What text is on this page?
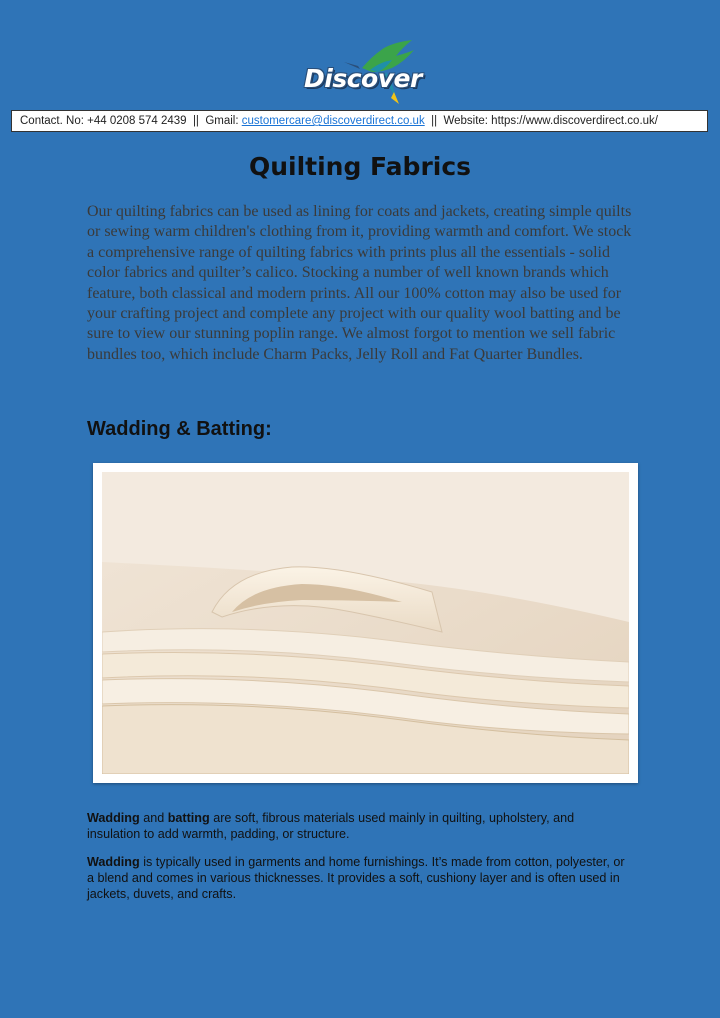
Discover
Contact. No: +44 0208 574 2439  ||  Gmail: customercare@discoverdirect.co.uk ||  Website: https://www.discoverdirect.co.uk/
Quilting Fabrics
Our quilting fabrics can be used as lining for coats and jackets, creating simple quilts or sewing warm children's clothing from it, providing warmth and comfort. We stock a comprehensive range of quilting fabrics with prints plus all the essentials - solid color fabrics and quilter’s calico. Stocking a number of well known brands which feature, both classical and modern prints. All our 100% cotton may also be used for your crafting project and complete any project with our quality wool batting and be sure to view our stunning poplin range. We almost forgot to mention we sell fabric bundles too, which include Charm Packs, Jelly Roll and Fat Quarter Bundles.
Wadding & Batting:
Wadding and batting are soft, fibrous materials used mainly in quilting, upholstery, and insulation to add warmth, padding, or structure.
Wadding is typically used in garments and home furnishings. It’s made from cotton, polyester, or a blend and comes in various thicknesses. It provides a soft, cushiony layer and is often used in jackets, duvets, and crafts.
